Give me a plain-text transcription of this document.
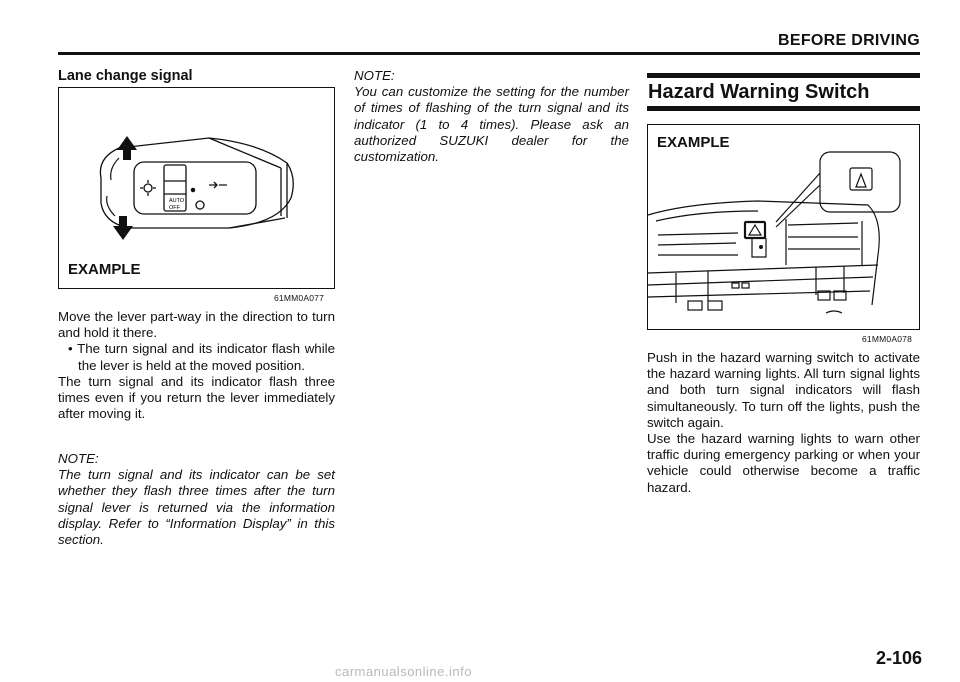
BEFORE DRIVING
Lane change signal
AUTO
OFF
EXAMPLE
61MM0A077

Move the lever part-way in the direction to turn and hold it there.

• The turn signal and its indicator flash while the lever is held at the moved position.

The turn signal and its indicator flash three times even if you return the lever immediately after moving it.

NOTE:

The turn signal and its indicator can be set whether they flash three times after the turn signal lever is returned via the information display. Refer to “Information Display” in this section.

NOTE:

You can customize the setting for the number of times of flashing of the turn signal and its indicator (1 to 4 times). Please ask an authorized SUZUKI dealer for the customization.

Hazard Warning Switch
EXAMPLE
61MM0A078

Push in the hazard warning switch to activate the hazard warning lights. All turn signal lights and both turn signal indicators will flash simultaneously. To turn off the lights, push the switch again.

Use the hazard warning lights to warn other traffic during emergency parking or when your vehicle could otherwise become a traffic hazard.

2-106
carmanualsonline.info
